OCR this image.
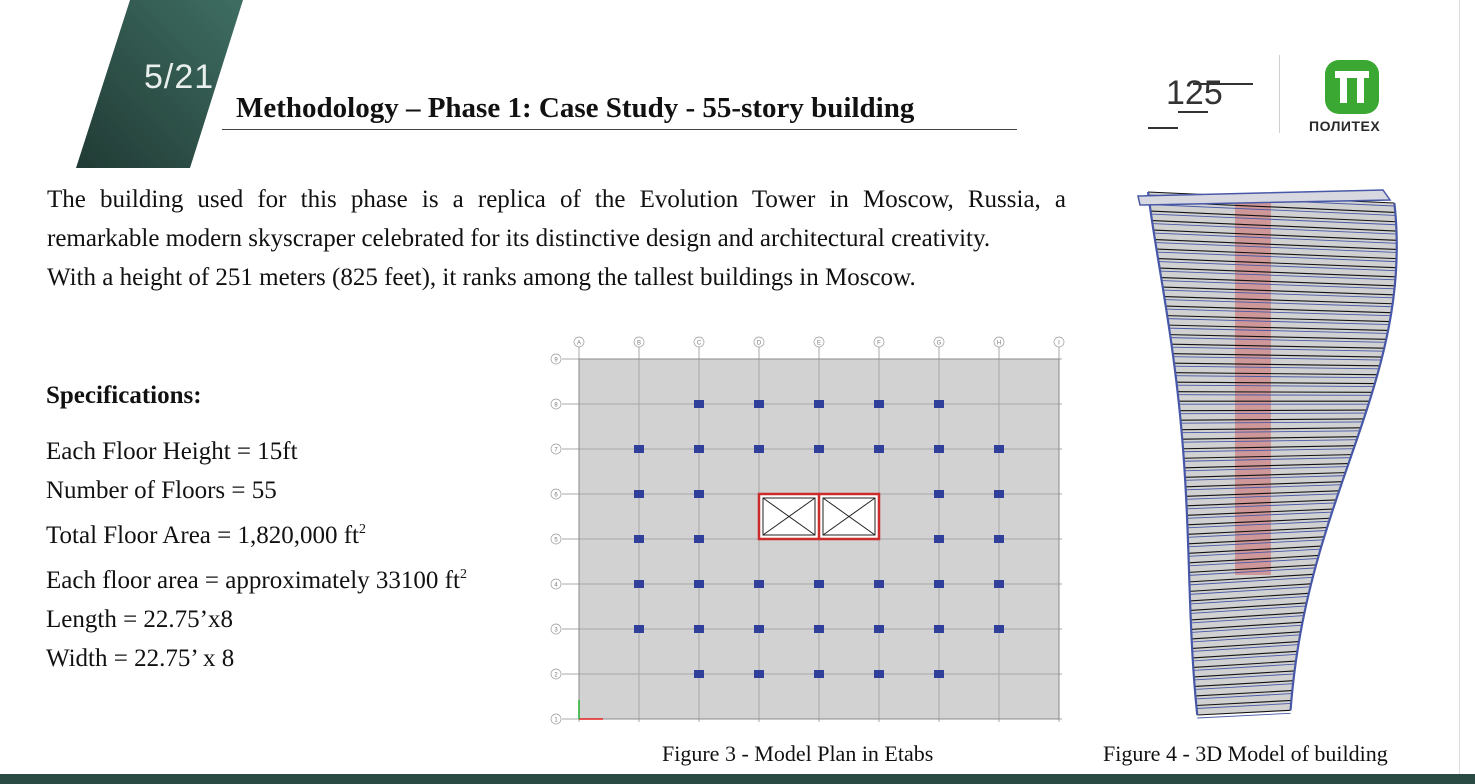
5/21
Methodology – Phase 1: Case Study - 55-story building	125
ПОЛИТЕХ

The building used for this phase is a replica of the Evolution Tower in Moscow, Russia, a

remarkable modern skyscraper celebrated for its distinctive design and architectural creativity.

With a height of 251 meters (825 feet), it ranks among the tallest buildings in Moscow.

Specifications:
Each Floor Height = 15ft
Number of Floors = 55
Total Floor Area = 1,820,000 $ft^2$
Each floor area = approximately 33100 $ft^2$
Length = 22.75’x8
Width = 22.75’ x 8
A	B	C	D	E	F	G	H	I
9
8
7
6
5
4
3
2
1
Figure 3 - Model Plan in Etabs	Figure 4 - 3D Model of building
